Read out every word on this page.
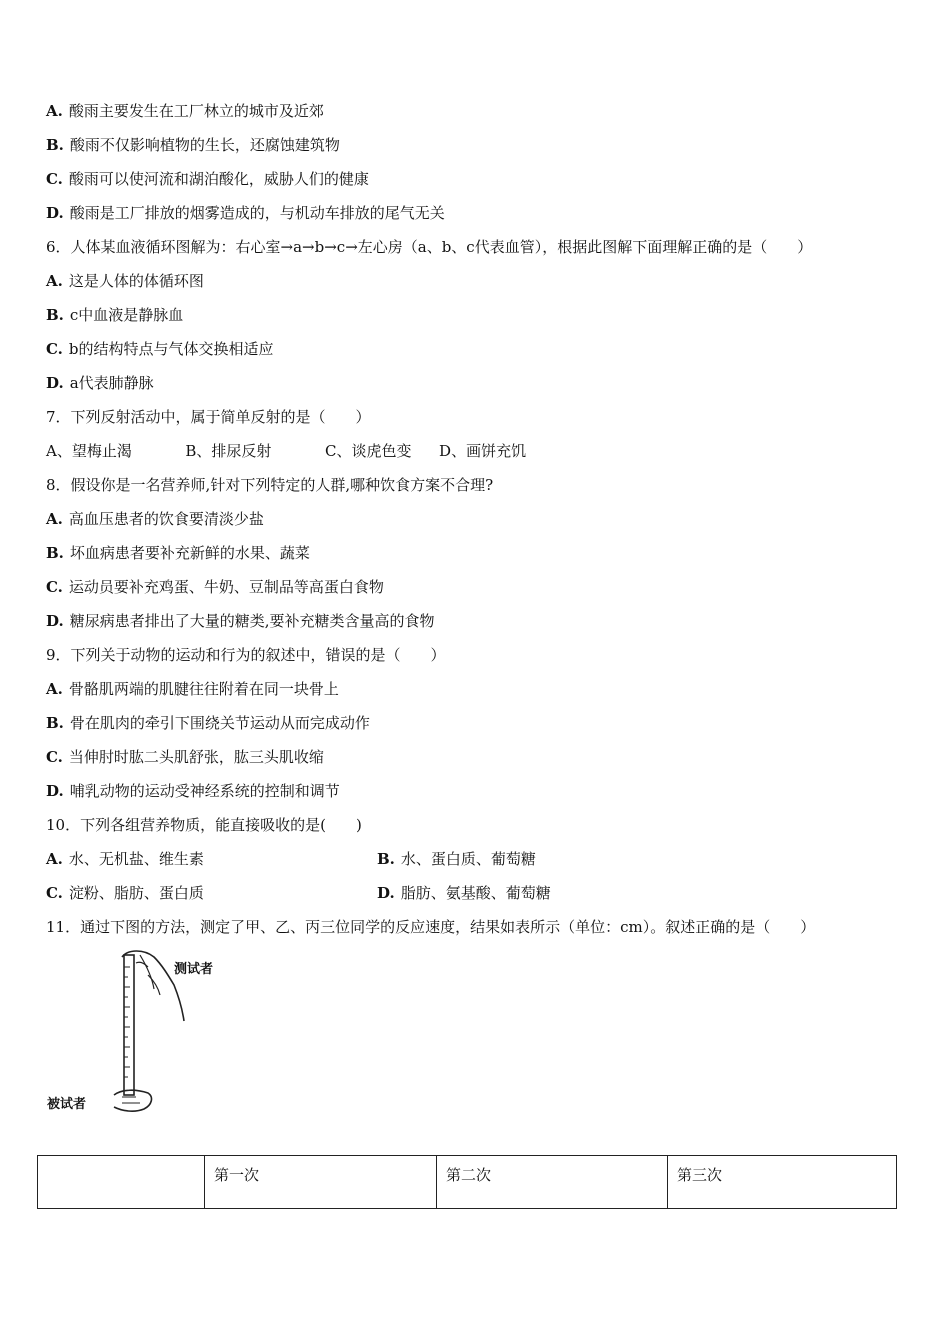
A. 酸雨主要发生在工厂林立的城市及近郊
B. 酸雨不仅影响植物的生长，还腐蚀建筑物
C. 酸雨可以使河流和湖泊酸化，威胁人们的健康
D. 酸雨是工厂排放的烟雾造成的，与机动车排放的尾气无关
6．人体某血液循环图解为：右心室→a→b→c→左心房（a、b、c代表血管），根据此图解下面理解正确的是（　　）
A. 这是人体的体循环图
B. c中血液是静脉血
C. b的结构特点与气体交换相适应
D. a代表肺静脉
7．下列反射活动中，属于简单反射的是（　　）
A、望梅止渴	B、排尿反射	C、谈虎色变 D、画饼充饥
8．假设你是一名营养师,针对下列特定的人群,哪种饮食方案不合理?
A. 高血压患者的饮食要清淡少盐
B. 坏血病患者要补充新鲜的水果、蔬菜
C. 运动员要补充鸡蛋、牛奶、豆制品等高蛋白食物
D. 糖尿病患者排出了大量的糖类,要补充糖类含量高的食物
9．下列关于动物的运动和行为的叙述中，错误的是（　　）
A. 骨骼肌两端的肌腱往往附着在同一块骨上
B. 骨在肌肉的牵引下围绕关节运动从而完成动作
C. 当伸肘时肱二头肌舒张，肱三头肌收缩
D. 哺乳动物的运动受神经系统的控制和调节
10．下列各组营养物质，能直接吸收的是(　　)
A. 水、无机盐、维生素	B. 水、蛋白质、葡萄糖
C. 淀粉、脂肪、蛋白质	D. 脂肪、氨基酸、葡萄糖
11．通过下图的方法，测定了甲、乙、丙三位同学的反应速度，结果如表所示（单位：cm）。叙述正确的是（　　）
测试者
被试者
	第一次	第二次	第三次
